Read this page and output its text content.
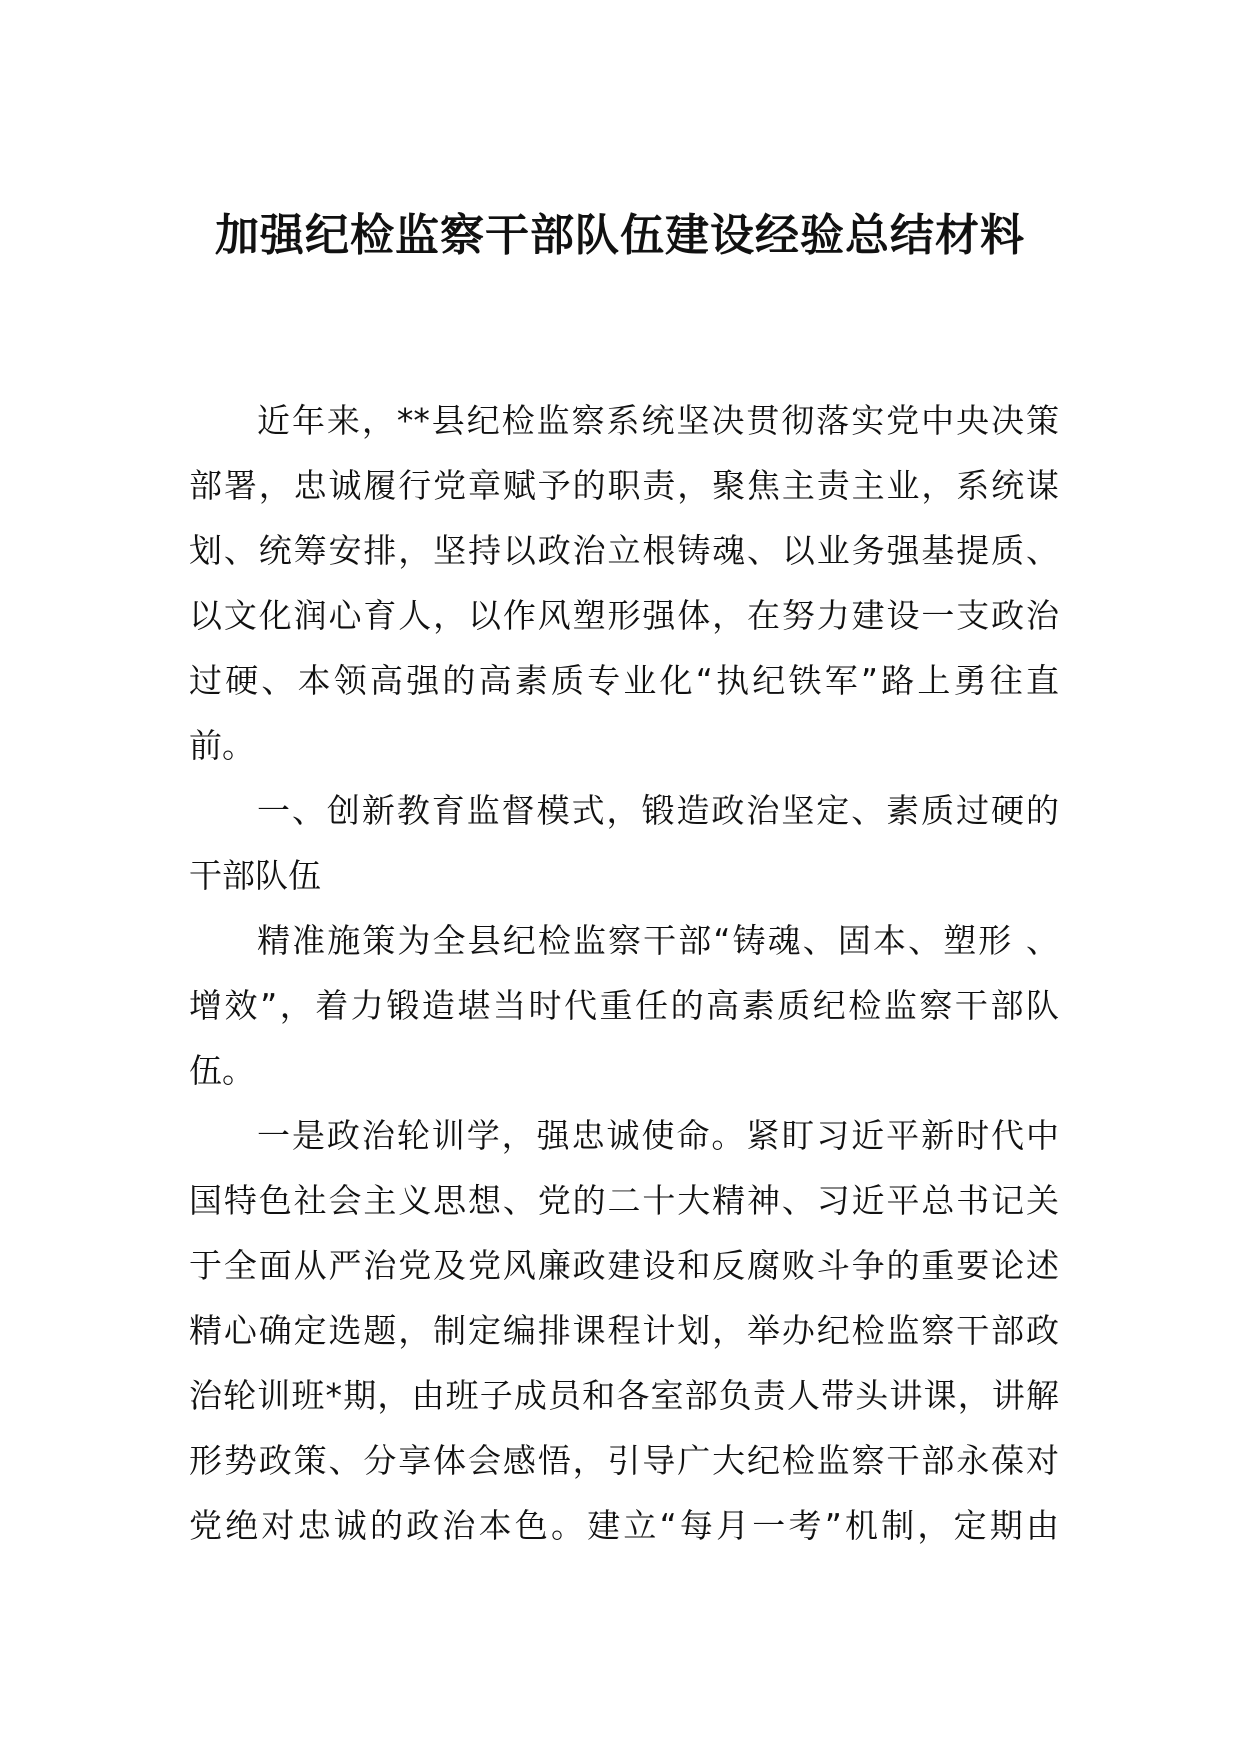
加强纪检监察干部队伍建设经验总结材料
近年来，**县纪检监察系统坚决贯彻落实党中央决策
部署，忠诚履行党章赋予的职责，聚焦主责主业，系统谋
划、统筹安排，坚持以政治立根铸魂、以业务强基提质、
以文化润心育人，以作风塑形强体，在努力建设一支政治
过硬、本领高强的高素质专业化“执纪铁军”路上勇往直
前。
一、创新教育监督模式，锻造政治坚定、素质过硬的
干部队伍
精准施策为全县纪检监察干部“铸魂、固本、塑形 、
增效”，着力锻造堪当时代重任的高素质纪检监察干部队
伍。
一是政治轮训学，强忠诚使命。紧盯习近平新时代中
国特色社会主义思想、党的二十大精神、习近平总书记关
于全面从严治党及党风廉政建设和反腐败斗争的重要论述
精心确定选题，制定编排课程计划，举办纪检监察干部政
治轮训班*期，由班子成员和各室部负责人带头讲课，讲解
形势政策、分享体会感悟，引导广大纪检监察干部永葆对
党绝对忠诚的政治本色。建立“每月一考”机制，定期由
